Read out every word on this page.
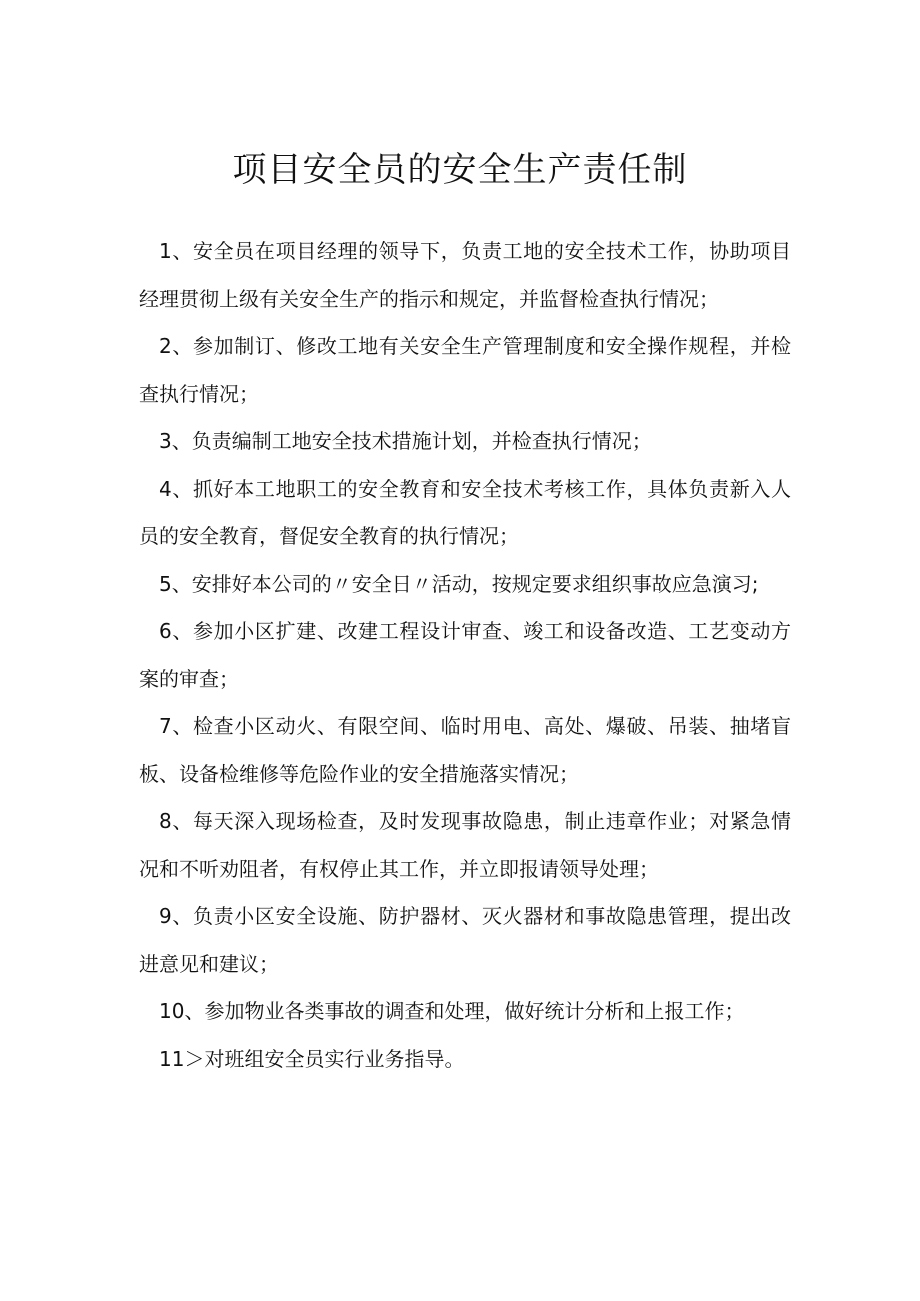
项目安全员的安全生产责任制

1、安全员在项目经理的领导下，负责工地的安全技术工作，协助项目经理贯彻上级有关安全生产的指示和规定，并监督检查执行情况；

2、参加制订、修改工地有关安全生产管理制度和安全操作规程，并检查执行情况；

3、负责编制工地安全技术措施计划，并检查执行情况；

4、抓好本工地职工的安全教育和安全技术考核工作，具体负责新入人员的安全教育，督促安全教育的执行情况；

5、安排好本公司的〃安全日〃活动，按规定要求组织事故应急演习;

6、参加小区扩建、改建工程设计审查、竣工和设备改造、工艺变动方案的审查；

7、检查小区动火、有限空间、临时用电、高处、爆破、吊装、抽堵盲板、设备检维修等危险作业的安全措施落实情况；

8、每天深入现场检查，及时发现事故隐患，制止违章作业；对紧急情况和不听劝阻者，有权停止其工作，并立即报请领导处理；

9、负责小区安全设施、防护器材、灭火器材和事故隐患管理，提出改进意见和建议；

10、参加物业各类事故的调查和处理，做好统计分析和上报工作；

11＞对班组安全员实行业务指导。
